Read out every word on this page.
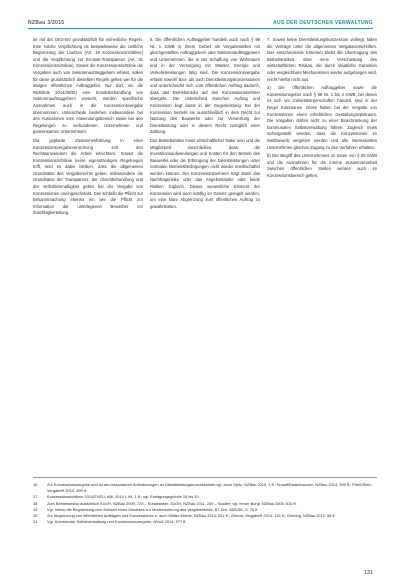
NZBau 3/2015	AUS DER DEUTSCHEN VERWALTUNG

ler mit der GKS-BV grundsätzlich für einheitliche Regeln. Eine solche Verpflichtung ist beispielsweise die zeitliche Begrenzung der Laufzeit (Art. 18 Konzessionsrichtlinie) und die Verpflichtung zur Ex-ante-Transparenz (Art. 31 Konzessionsrichtlinie). Soweit die Konzessionsrichtlinie die Vergaben auch von Sektorenauftraggebern erfasst, sollen für diese grundsätzlich dieselben Regeln gelten wie für die übrigen öffentlichen Auftraggeber. Nur dort, wo die Richtlinie 2014/25/EU eine Sonderbehandlung von Sektorenauftraggebern vorsieht, werden spezifische Ausnahmen auch in die Konzessionsvergabe übernommen. Unterschiede bestehen insbesondere bei den Ausnahmen vom Anwendungsbereich sowie bei den Regelungen zu verbundenen Unternehmen und gemeinsamen Unternehmen.

Die geplante Zusammenführung in einer Konzessionsvergabeverordnung soll den Rechtsanwendern die Arbeit erleichtern. Soweit die Konzessionsrichtlinie keine eigenständigen Regelungen trifft, wird es dabei bleiben, dass die allgemeinen Grundsätze des Vergaberechts gelten. Insbesondere die Grundsätze der Transparenz, der Gleichbehandlung und der Verhältnismäßigkeit gelten bei der Vergabe von Konzessionen uneingeschränkt. Das schließt die Pflicht zur Bekanntmachung ebenso ein wie die Pflicht zur Information der unterlegenen Bewerber vor Zuschlagserteilung.

6. Die öffentlichen Auftraggeber handeln auch nach § 99 Nr. 1 GWB in ihrem Gebiet als Vergabestellen mit gleichgestellten Auftraggebern oder Sektorenauftraggebern und Unternehmen, die in der Schaffung von Wohnraum und in der Versorgung mit Wasser, Energie und Verkehrsleistungen tätig sind. Die Konzessionsvergabe erfasst sowohl Bau- als auch Dienstleistungskonzessionen und unterscheidet sich vom öffentlichen Auftrag dadurch, dass das Betriebsrisiko auf den Konzessionsnehmer übergeht. Der Unterschied zwischen Auftrag und Konzession liegt damit in der Gegenleistung: Bei der Konzession besteht sie ausschließlich in dem Recht zur Nutzung des Bauwerks oder zur Verwertung der Dienstleistung oder in diesem Recht zuzüglich einer Zahlung.

Das Betriebsrisiko muss wirtschaftlicher Natur sein und die Möglichkeit einschließen, dass die Investitionsaufwendungen und Kosten für den Betrieb des Bauwerks oder die Erbringung der Dienstleistungen unter normalen Betriebsbedingungen nicht wieder erwirtschaftet werden können. Der Konzessionsnehmer trägt damit das Nachfragerisiko oder das Angebotsrisiko oder beide Risiken zugleich. Dieses wesentliche Element der Konzession wird auch künftig im Gesetz geregelt werden, um eine klare Abgrenzung zum öffentlichen Auftrag zu gewährleisten.

7. Soweit keine Dienstleistungskonzession vorliegt, fallen die Verträge unter die allgemeinen Vergabevorschriften. Das entscheidende Kriterium bleibt die Übertragung des Betriebsrisikos. Eine reine Verschiebung des wirtschaftlichen Risikos, die durch staatliche Garantien oder vergleichbare Mechanismen wieder aufgefangen wird, reicht hierfür nicht aus.

a) Die öffentlichen Auftraggeber sowie die Konzessionsgeber nach § 99 Nr. 1 bis 4 GWB, bei denen es sich um Gebietskörperschaften handelt, sind in der Regel Kommunen. Diese haben bei der Vergabe von Konzessionen einen erheblichen Gestaltungsspielraum. Die Vorgaben dürfen nicht zu einer Einschränkung der kommunalen Selbstverwaltung führen. Zugleich muss sichergestellt werden, dass die Konzessionen im Wettbewerb vergeben werden und alle interessierten Unternehmen gleichen Zugang zu den Verfahren erhalten.

b) Der Begriff des Unternehmens im Sinne von § 99 GWB und die Ausnahmen für die interne Zusammenarbeit zwischen öffentlichen Stellen werden auch im Konzessionsbereich gelten.

16	Zur Konzessionsvergabe und zu den besonderen Anforderungen an Dienstleistungskonzessionen vgl. auch Opitz, NZBau 2015, 1 ff.; Knauff/Badenhausen, NZBau 2014, 395 ff.; Prieß/Stein, VergabeR 2014, 499 ff.
17	Konzessionsrichtlinie 2014/23/EU, ABl. 2014 L 94, 1 ff.; vgl. Erwägungsgründe 18 bis 20.
18	Zum Betriebsrisiko ausführlich EuGH, NZBau 2009, 729 – Eurawasser; EuGH, NZBau 2011, 239 – Stadler; vgl. ferner Burgi, NZBau 2005, 610 ff.
19	Vgl. hierzu die Begründung zum Entwurf eines Gesetzes zur Modernisierung des Vergaberechts, BT-Drs. 18/6281, S. 75 ff.
20	Zur Abgrenzung von öffentlichen Aufträgen und Konzessionen s. auch Müller-Wrede, NZBau 2014, 321 ff.; Ziekow, VergabeR 2014, 115 ff.; Gröning, NZBau 2015, 58 ff.
21	Vgl. Kommunale Selbstverwaltung und Konzessionsvergabe, NVwZ 2014, 977 ff.
131
